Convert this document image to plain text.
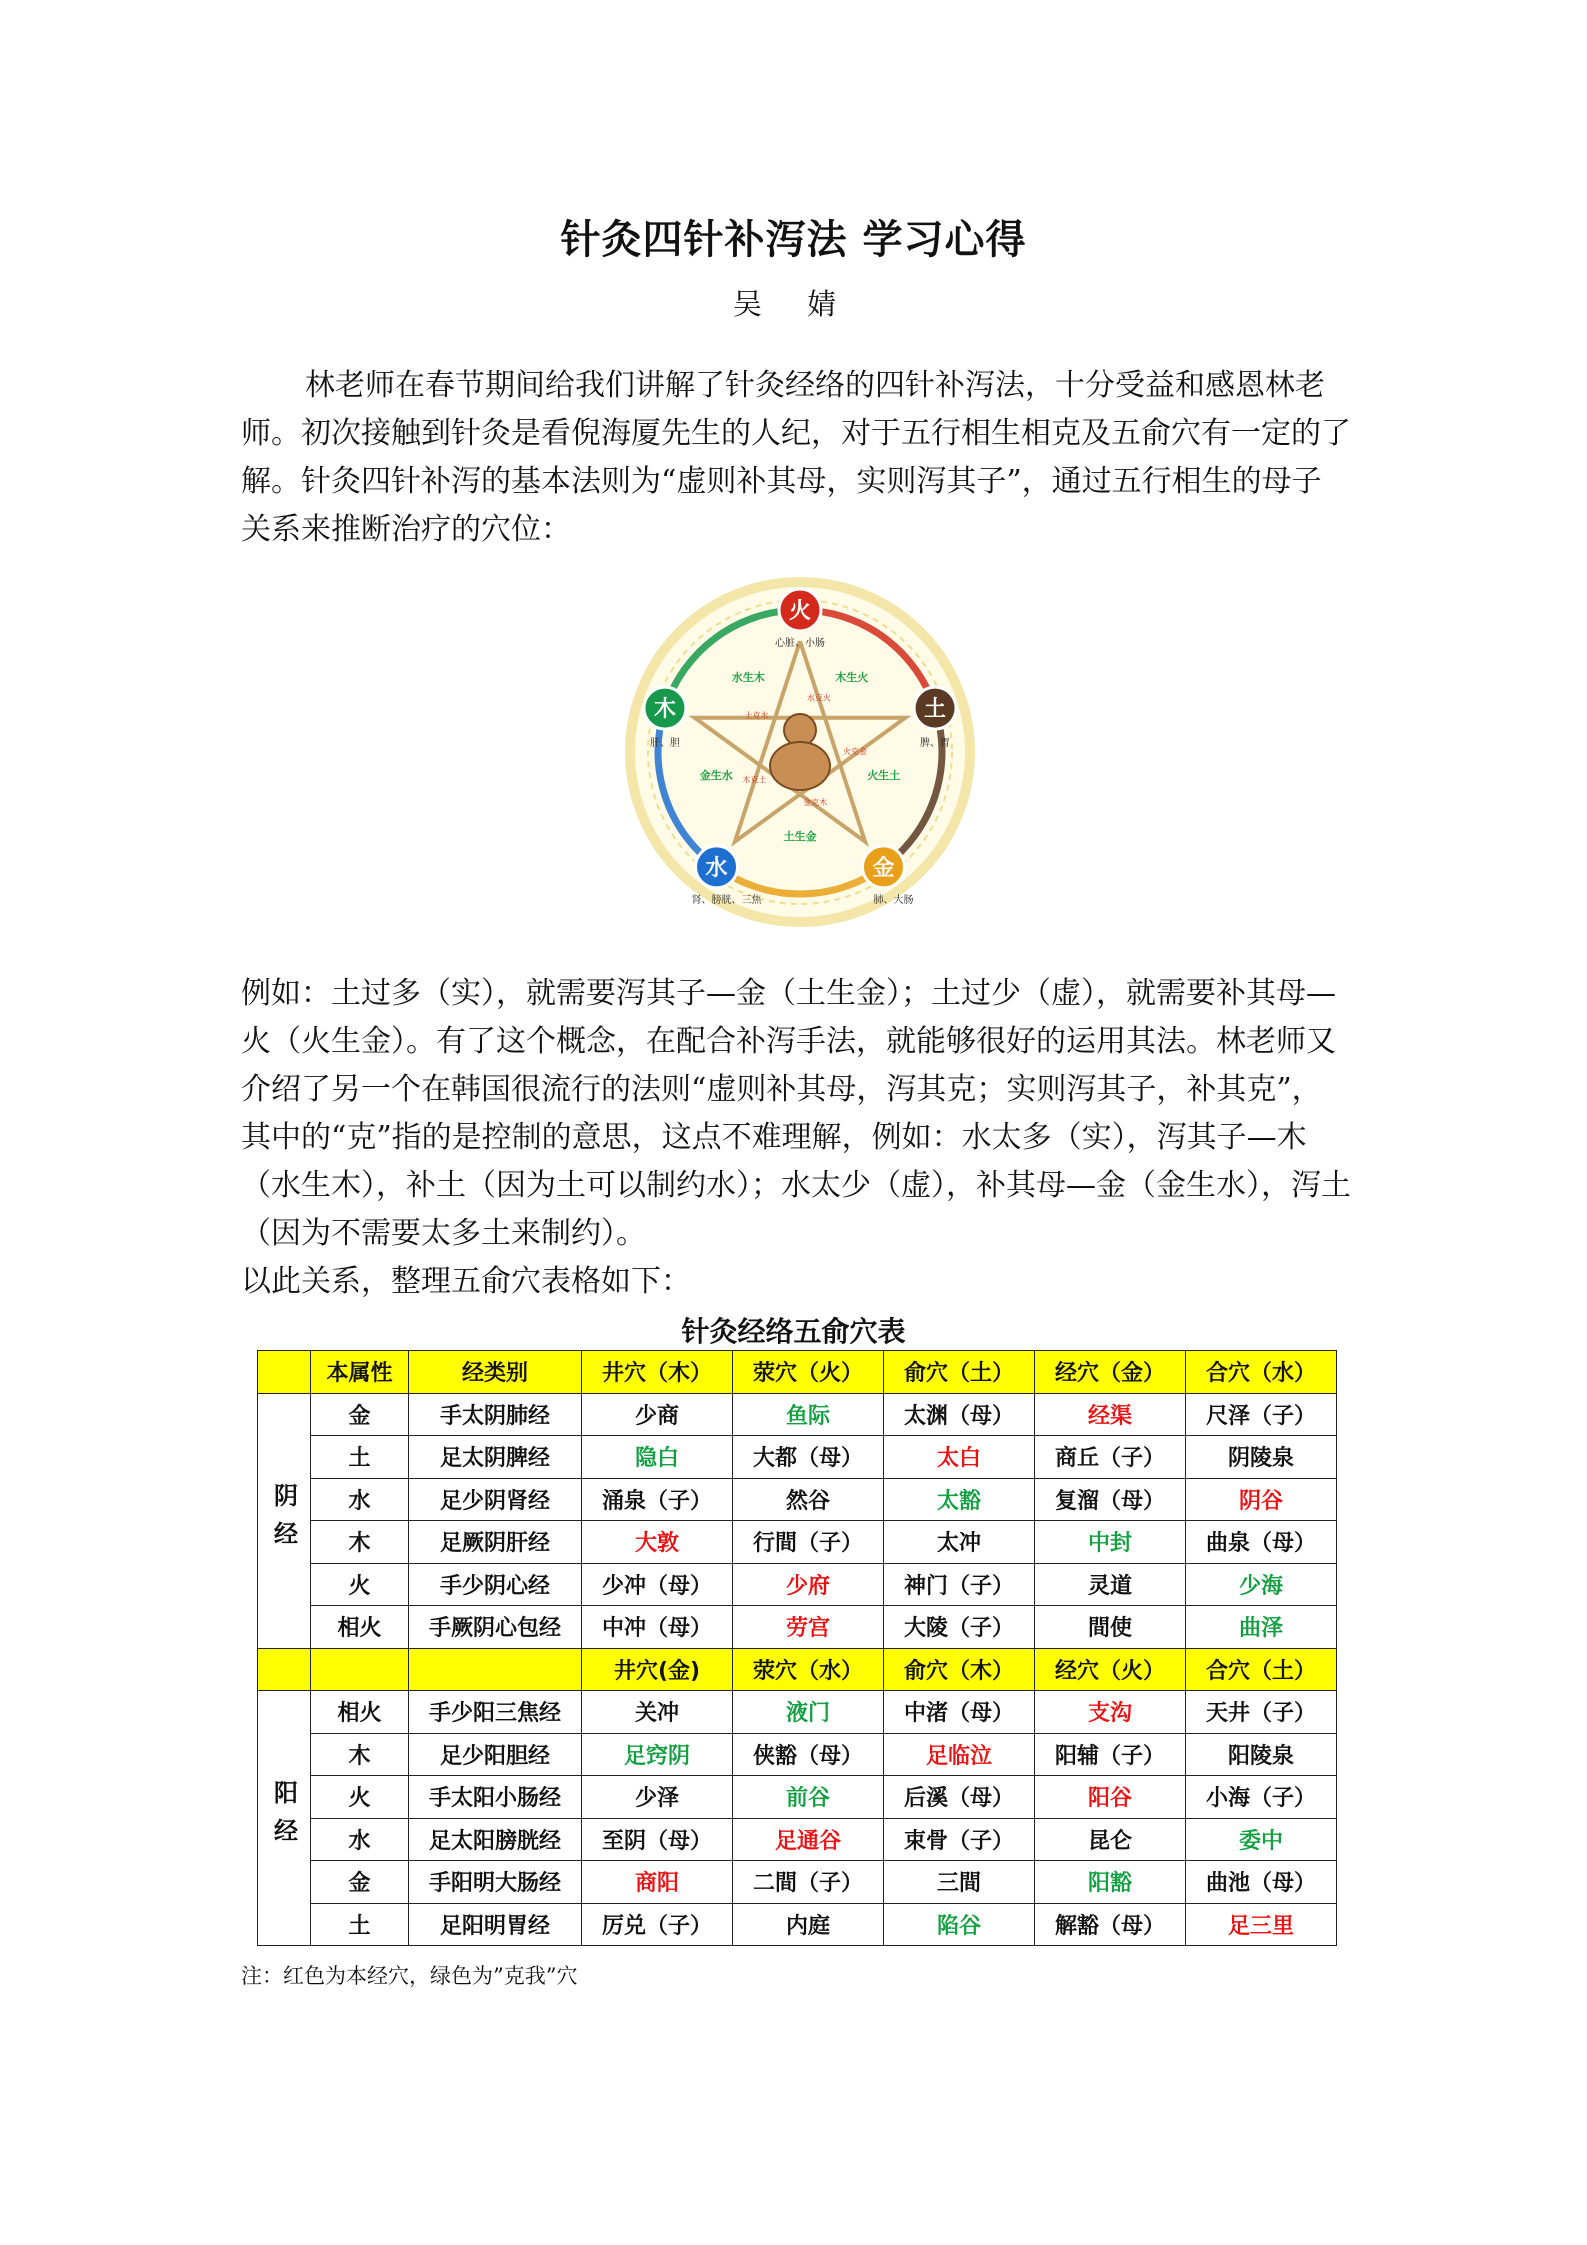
针灸四针补泻法 学习心得
吴 婧
林老师在春节期间给我们讲解了针灸经络的四针补泻法，十分受益和感恩林老师。初次接触到针灸是看倪海厦先生的人纪，对于五行相生相克及五俞穴有一定的了解。针灸四针补泻的基本法则为“虚则补其母，实则泻其子”，通过五行相生的母子关系来推断治疗的穴位：
木生火
火生土
土生金
金生水
水生木
水克火
火克金
金克木
木克土
土克水
火
心脏、小肠
土
脾、胃
金
肺、大肠
水
肾、膀胱、三焦
木
肝、胆
例如：土过多（实），就需要泻其子—金（土生金）；土过少（虚），就需要补其母—火（火生金）。有了这个概念，在配合补泻手法，就能够很好的运用其法。林老师又介绍了另一个在韩国很流行的法则“虚则补其母，泻其克；实则泻其子，补其克”，其中的“克”指的是控制的意思，这点不难理解，例如：水太多（实），泻其子—木（水生木），补土（因为土可以制约水）；水太少（虚），补其母—金（金生水），泻土（因为不需要太多土来制约）。
以此关系，整理五俞穴表格如下：
针灸经络五俞穴表
	本属性	经类别	井穴（木）	荥穴（火）	俞穴（土）	经穴（金）	合穴（水）
阴经	金	手太阴肺经	少商	鱼际	太渊（母）	经渠	尺泽（子）
	土	足太阴脾经	隐白	大都（母）	太白	商丘（子）	阴陵泉
	水	足少阴肾经	涌泉（子）	然谷	太豁	复溜（母）	阴谷
	木	足厥阴肝经	大敦	行間（子）	太冲	中封	曲泉（母）
	火	手少阴心经	少冲（母）	少府	神门（子）	灵道	少海
	相火	手厥阴心包经	中冲（母）	劳宫	大陵（子）	間使	曲泽
			井穴(金)	荥穴（水）	俞穴（木）	经穴（火）	合穴（土）
阳经	相火	手少阳三焦经	关冲	液门	中渚（母）	支沟	天井（子）
	木	足少阳胆经	足窍阴	侠豁（母）	足临泣	阳辅（子）	阳陵泉
	火	手太阳小肠经	少泽	前谷	后溪（母）	阳谷	小海（子）
	水	足太阳膀胱经	至阴（母）	足通谷	束骨（子）	昆仑	委中
	金	手阳明大肠经	商阳	二間（子）	三間	阳豁	曲池（母）
	土	足阳明胃经	厉兑（子）	内庭	陷谷	解豁（母）	足三里
注：红色为本经穴，绿色为”克我”穴
